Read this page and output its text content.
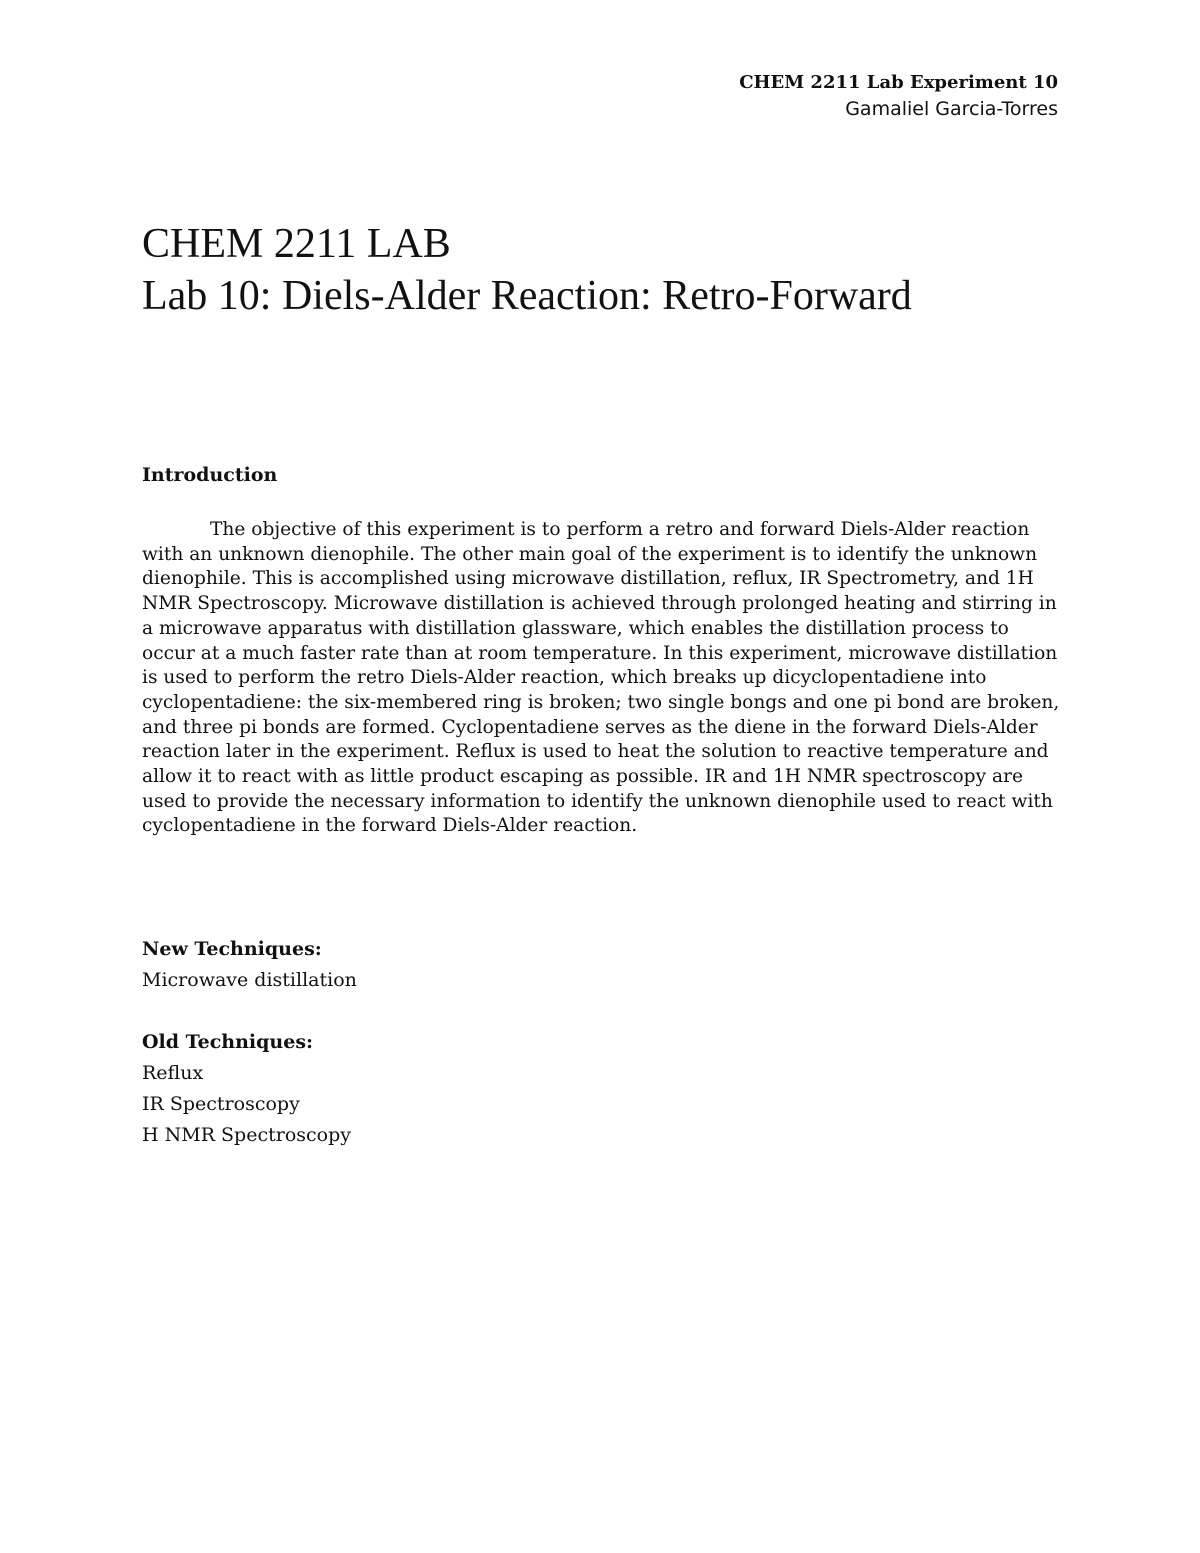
CHEM 2211 Lab Experiment 10
Gamaliel Garcia-Torres
CHEM 2211 LAB
Lab 10: Diels-Alder Reaction: Retro-Forward
Introduction

The objective of this experiment is to perform a retro and forward Diels-Alder reaction with an unknown dienophile. The other main goal of the experiment is to identify the unknown dienophile. This is accomplished using microwave distillation, reflux, IR Spectrometry, and 1H NMR Spectroscopy. Microwave distillation is achieved through prolonged heating and stirring in a microwave apparatus with distillation glassware, which enables the distillation process to occur at a much faster rate than at room temperature. In this experiment, microwave distillation is used to perform the retro Diels-Alder reaction, which breaks up dicyclopentadiene into cyclopentadiene: the six-membered ring is broken; two single bongs and one pi bond are broken, and three pi bonds are formed. Cyclopentadiene serves as the diene in the forward Diels-Alder reaction later in the experiment. Reflux is used to heat the solution to reactive temperature and allow it to react with as little product escaping as possible. IR and 1H NMR spectroscopy are used to provide the necessary information to identify the unknown dienophile used to react with cyclopentadiene in the forward Diels-Alder reaction.

New Techniques:
Microwave distillation
Old Techniques:
Reflux
IR Spectroscopy
H NMR Spectroscopy
